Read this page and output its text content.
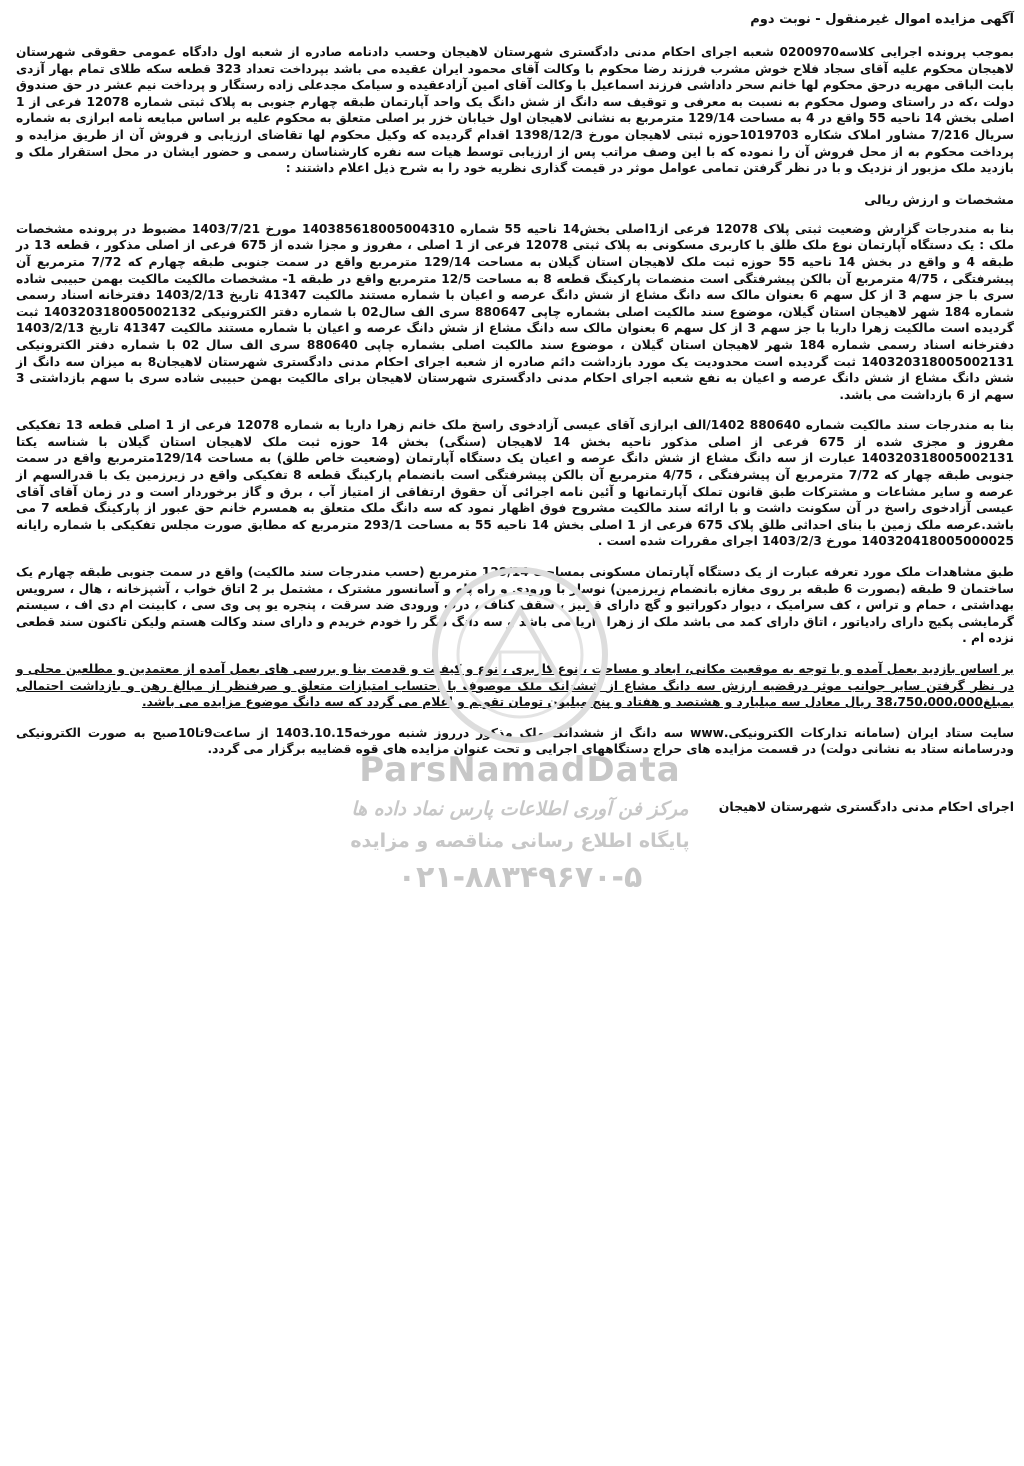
آگهی مزایده اموال غیرمنقول - نوبت دوم
بموجب پرونده اجرایی کلاسه0200970 شعبه اجرای احکام مدنی دادگستری شهرستان لاهیجان وحسب دادنامه صادره از شعبه اول دادگاه عمومی حقوقی شهرستان لاهیجان محکوم علیه آقای سجاد فلاح خوش مشرب فرزند رضا محکوم با وکالت آقای محمود ایران عقیده می باشد بپرداخت تعداد 323 قطعه سکه طلای تمام بهار آزدی بابت الباقی مهریه درحق محکوم لها خانم سحر داداشی فرزند اسماعیل با وکالت آقای امین آزادعقیده و سیامک مجدعلی زاده رستگار و پرداخت نیم عشر در حق صندوق دولت ،که در راستای وصول محکوم به نسبت به معرفی و توقیف سه دانگ از شش دانگ یک واحد آپارتمان طبقه چهارم جنوبی به پلاک ثبتی شماره 12078 فرعی از 1 اصلی بخش 14 ناحیه 55 واقع در 4 به مساحت 129/14 مترمربع به نشانی لاهیجان اول خیابان خزر بر اصلی متعلق به محکوم علیه بر اساس مبایعه نامه ابرازی به شماره سریال 7/216 مشاور املاک شکاره 1019703حوزه ثبتی لاهیجان مورخ 1398/12/3 اقدام گردیده که وکیل محکوم لها تقاضای ارزیابی و فروش آن از طریق مزایده و پرداخت محکوم به از محل فروش آن را نموده که با این وصف مراتب پس از ارزیابی توسط هیات سه نفره کارشناسان رسمی و حضور ایشان در محل استقرار ملک و بازدید ملک مزبور از نزدیک و با در نظر گرفتن تمامی عوامل موثر در قیمت گذاری نظریه خود را به شرح ذیل اعلام داشتند :
مشخصات و ارزش ریالی
بنا به مندرجات گزارش وضعیت ثبتی پلاک 12078 فرعی از1اصلی بخش14 ناحیه 55 شماره 140385618005004310 مورخ 1403/7/21 مضبوط در پرونده مشخصات ملک : یک دستگاه آپارتمان نوع ملک طلق با کاربری مسکونی به پلاک ثبتی 12078 فرعی از 1 اصلی ، مفروز و مجزا شده از 675 فرعی از اصلی مذکور ، قطعه 13 در طبقه 4 و واقع در بخش 14 ناحیه 55 حوزه ثبت ملک لاهیجان استان گیلان به مساحت 129/14 مترمربع واقع در سمت جنوبی طبقه چهارم که 7/72 مترمربع آن پیشرفتگی ، 4/75 مترمربع آن بالکن پیشرفتگی است منضمات پارکینگ قطعه 8 به مساحت 12/5 مترمربع واقع در طبقه 1- مشخصات مالکیت مالکیت بهمن حبیبی شاده سری با جز سهم 3 از کل سهم 6 بعنوان مالک سه دانگ مشاع از شش دانگ عرصه و اعیان با شماره مستند مالکیت 41347 تاریخ 1403/2/13 دفترخانه اسناد رسمی شماره 184 شهر لاهیجان استان گیلان، موضوع سند مالکیت اصلی بشماره چاپی 880647 سری الف سال02 با شماره دفتر الکترونیکی 140320318005002132 ثبت گردیده است مالکیت زهرا داریا با جز سهم 3 از کل سهم 6 بعنوان مالک سه دانگ مشاع از شش دانگ عرصه و اعیان با شماره مستند مالکیت 41347 تاریخ 1403/2/13 دفترخانه اسناد رسمی شماره 184 شهر لاهیجان استان گیلان ، موضوع سند مالکیت اصلی بشماره چاپی 880640 سری الف سال 02 با شماره دفتر الکترونیکی 140320318005002131 ثبت گردیده است محدودیت یک مورد بازداشت دائم صادره از شعبه اجرای احکام مدنی دادگستری شهرستان لاهیجان8 به میزان سه دانگ از شش دانگ مشاع از شش دانگ عرصه و اعیان به نفع شعبه اجرای احکام مدنی دادگستری شهرستان لاهیجان برای مالکیت بهمن حبیبی شاده سری با سهم بازداشتی 3 سهم از 6 بازداشت می باشد.
بنا به مندرجات سند مالکیت شماره 880640 1402/الف ابرازی آقای عیسی آزادخوی راسخ ملک خانم زهرا داریا به شماره 12078 فرعی از 1 اصلی قطعه 13 تفکیکی مفروز و مجزی شده از 675 فرعی از اصلی مذکور ناحیه بخش 14 لاهیجان (سنگی) بخش 14 حوزه ثبت ملک لاهیجان استان گیلان با شناسه یکتا 140320318005002131 عبارت از سه دانگ مشاع از شش دانگ عرصه و اعیان یک دستگاه آپارتمان (وضعیت خاص طلق) به مساحت 129/14مترمربع واقع در سمت جنوبی طبقه چهار که 7/72 مترمربع آن پیشرفتگی ، 4/75 مترمربع آن بالکن پیشرفتگی است بانضمام پارکینگ قطعه 8 تفکیکی واقع در زیرزمین یک با قدرالسهم از عرصه و سایر مشاعات و مشترکات طبق قانون تملک آپارتمانها و آئین نامه اجرائی آن حقوق ارتفاقی از امتیاز آب ، برق و گاز برخوردار است و در زمان آقای آقای عیسی آزادخوی راسخ در آن سکونت داشت و با ارائه سند مالکیت مشروح فوق اظهار نمود که سه دانگ ملک متعلق به همسرم خانم حق عبور از پارکینگ قطعه 7 می باشد.عرصه ملک زمین با بنای احداثی طلق پلاک 675 فرعی از 1 اصلی بخش 14 ناحیه 55 به مساحت 293/1 مترمربع که مطابق صورت مجلس تفکیکی با شماره رایانه 140320418005000025 مورخ 1403/2/3 اجرای مقررات شده است .
طبق مشاهدات ملک مورد تعرفه عبارت از یک دستگاه آپارتمان مسکونی بمساحت 129/14 مترمربع (حسب مندرجات سند مالکیت) واقع در سمت جنوبی طبقه چهارم یک ساختمان 9 طبقه (بصورت 6 طبقه بر روی مغازه بانضمام زیرزمین) نوساز با ورودی و راه پله و آسانسور مشترک ، مشتمل بر 2 اتاق خواب ، آشپزخانه ، هال ، سرویس بهداشتی ، حمام و تراس ، کف سرامیک ، دیوار دکوراتیو و گچ دارای قرنیز ، سقف کناف ، درب ورودی ضد سرقت ، پنجره یو پی وی سی ، کابینت ام دی اف ، سیستم گرمایشی پکیج دارای رادیاتور ، اتاق دارای کمد می باشد ملک از زهرا داریا می باشد و سه دانگ دیگر را خودم خریدم و دارای سند وکالت هستم ولیکن تاکنون سند قطعی نزده ام .
بر اساس بازدید بعمل آمده و با توجه به موقعیت مکانی، ابعاد و مساحت ، نوع کاربری ، نوع و کیفیت و قدمت بنا و بررسی های بعمل آمده از معتمدین و مطلعین محلی و در نظر گرفتن سایر جوانب موثر درقضیه ارزش سه دانگ مشاع از ششدانگ ملک موصوف با احتساب امتیازات متعلق و صرفنظر از مبالغ رهن و بازداشت احتمالی بمبلغ38،750،000،000 ریال معادل سه میلیارد و هشتصد و هفتاد و پنج میلیون تومان تقویم و اعلام می گردد که سه دانگ موضوع مزایده می باشد.
سایت ستاد ایران (سامانه تدارکات الکترونیکی.www سه دانگ از ششدانگ ملک مذکور درروز شنبه مورخه1403.10.15 از ساعت9تا10صبح به صورت الکترونیکی ودرسامانه ستاد به نشانی دولت) در قسمت مزایده های حراج دستگاههای اجرایی و تحت عنوان مزایده های قوه قضاییه برگزار می گردد.
اجرای احکام مدنی دادگستری شهرستان لاهیجان
ParsNamadData
مرکز فن آوری اطلاعات پارس نماد داده ها
پایگاه اطلاع رسانی مناقصه و مزایده
۰۲۱-۸۸۳۴۹۶۷۰-۵
